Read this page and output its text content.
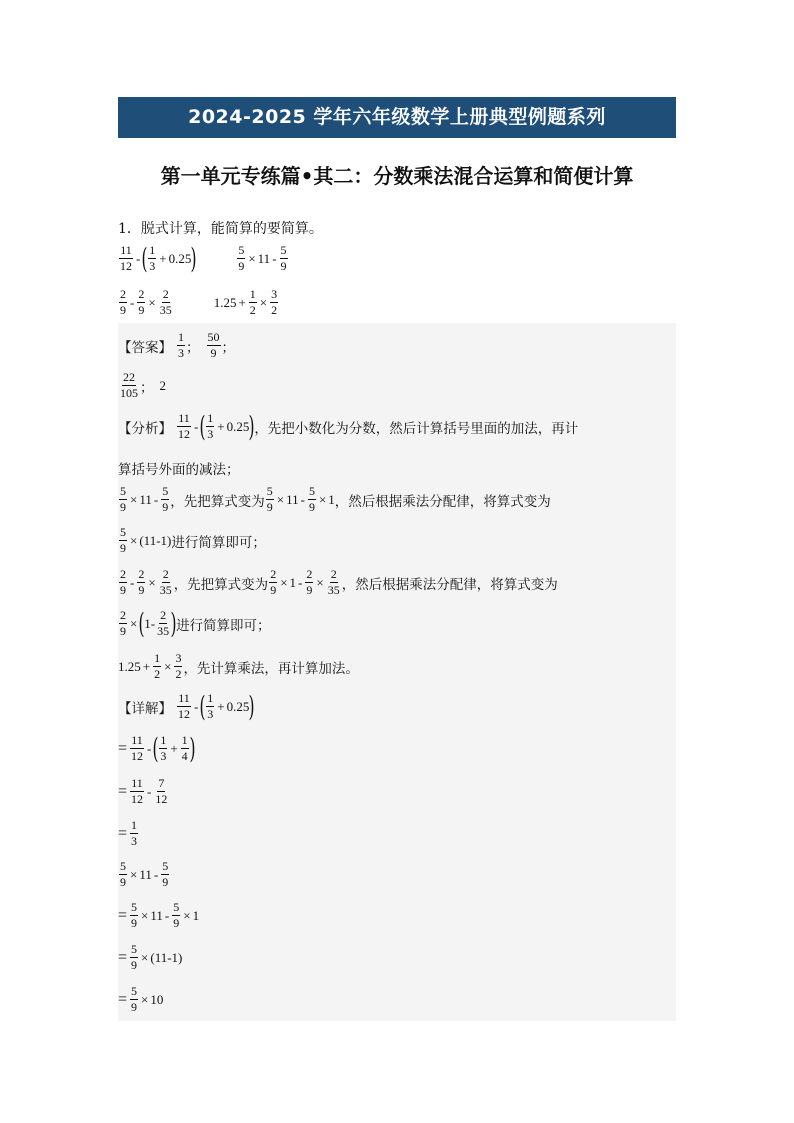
2024-2025 学年六年级数学上册典型例题系列
第一单元专练篇•其二：分数乘法混合运算和简便计算
1．脱式计算，能简算的要简算。
$\frac{11}{12}$ - ( $\frac{1}{3} + 0.25$ )	$\frac{5}{9} \times 11 - \frac{5}{9}$
$\frac{2}{9} - \frac{2}{9} \times \frac{2}{35}$	$1.25 + \frac{1}{2} \times \frac{3}{2}$
【答案】 $\frac{1}{3}$ ； $\frac{50}{9}$ ；
$\frac{22}{105}$ ； 2
【分析】 $\frac{11}{12}$ - ( $\frac{1}{3} + 0.25$ ) ，先把小数化为分数，然后计算括号里面的加法，再计
算括号外面的减法；
$\frac{5}{9} \times 11 - \frac{5}{9}$ ，先把算式变为 $\frac{5}{9} \times 11 - \frac{5}{9} \times 1$ ，然后根据乘法分配律，将算式变为
$\frac{5}{9} \times (11-1)$ 进行简算即可；
$\frac{2}{9} - \frac{2}{9} \times \frac{2}{35}$ ，先把算式变为 $\frac{2}{9} \times 1 - \frac{2}{9} \times \frac{2}{35}$ ，然后根据乘法分配律，将算式变为
$\frac{2}{9}$ × ( $1- \frac{2}{35}$ ) 进行简算即可；
$1.25 + \frac{1}{2} \times \frac{3}{2}$ ，先计算乘法，再计算加法。
【详解】 $\frac{11}{12}$ - ( $\frac{1}{3} + 0.25$ )
= $\frac{11}{12}$ - ( $\frac{1}{3} + \frac{1}{4}$ )
= $\frac{11}{12} - \frac{7}{12}$
= $\frac{1}{3}$
$\frac{5}{9} \times 11 - \frac{5}{9}$
= $\frac{5}{9} \times 11 - \frac{5}{9} \times 1$
= $\frac{5}{9} \times (11-1)$
= $\frac{5}{9} \times 10$
